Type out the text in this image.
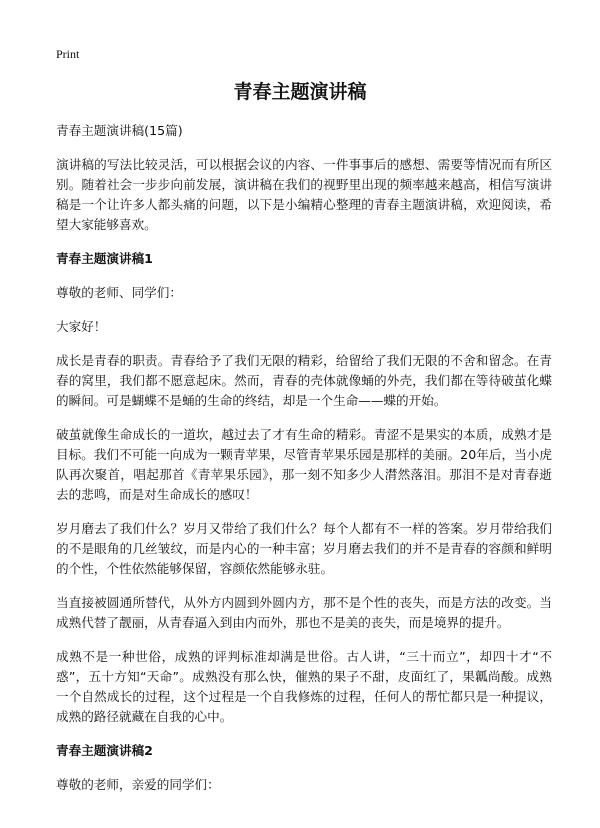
Print
青春主题演讲稿

青春主题演讲稿(15篇)

演讲稿的写法比较灵活，可以根据会议的内容、一件事事后的感想、需要等情况而有所区别。随着社会一步步向前发展，演讲稿在我们的视野里出现的频率越来越高，相信写演讲稿是一个让许多人都头痛的问题，以下是小编精心整理的青春主题演讲稿，欢迎阅读，希望大家能够喜欢。

青春主题演讲稿1

尊敬的老师、同学们：

大家好！

成长是青春的职责。青春给予了我们无限的精彩，给留给了我们无限的不舍和留念。在青春的窝里，我们都不愿意起床。然而，青春的壳体就像蛹的外壳，我们都在等待破茧化蝶的瞬间。可是蝴蝶不是蛹的生命的终结，却是一个生命——蝶的开始。

破茧就像生命成长的一道坎，越过去了才有生命的精彩。青涩不是果实的本质，成熟才是目标。我们不可能一向成为一颗青苹果，尽管青苹果乐园是那样的美丽。20年后，当小虎队再次聚首，唱起那首《青苹果乐园》，那一刻不知多少人潸然落泪。那泪不是对青春逝去的悲鸣，而是对生命成长的感叹！

岁月磨去了我们什么？岁月又带给了我们什么？每个人都有不一样的答案。岁月带给我们的不是眼角的几丝皱纹，而是内心的一种丰富；岁月磨去我们的并不是青春的容颜和鲜明的个性，个性依然能够保留，容颜依然能够永驻。

当直接被圆通所替代，从外方内圆到外圆内方，那不是个性的丧失，而是方法的改变。当成熟代替了靓丽，从青春逼入到由内而外，那也不是美的丧失，而是境界的提升。

成熟不是一种世俗，成熟的评判标准却满是世俗。古人讲，“三十而立”，却四十才“不惑”，五十方知“天命”。成熟没有那么快，催熟的果子不甜，皮面红了，果瓤尚酸。成熟一个自然成长的过程，这个过程是一个自我修炼的过程，任何人的帮忙都只是一种提议，成熟的路径就藏在自我的心中。

青春主题演讲稿2

尊敬的老师，亲爱的同学们：
